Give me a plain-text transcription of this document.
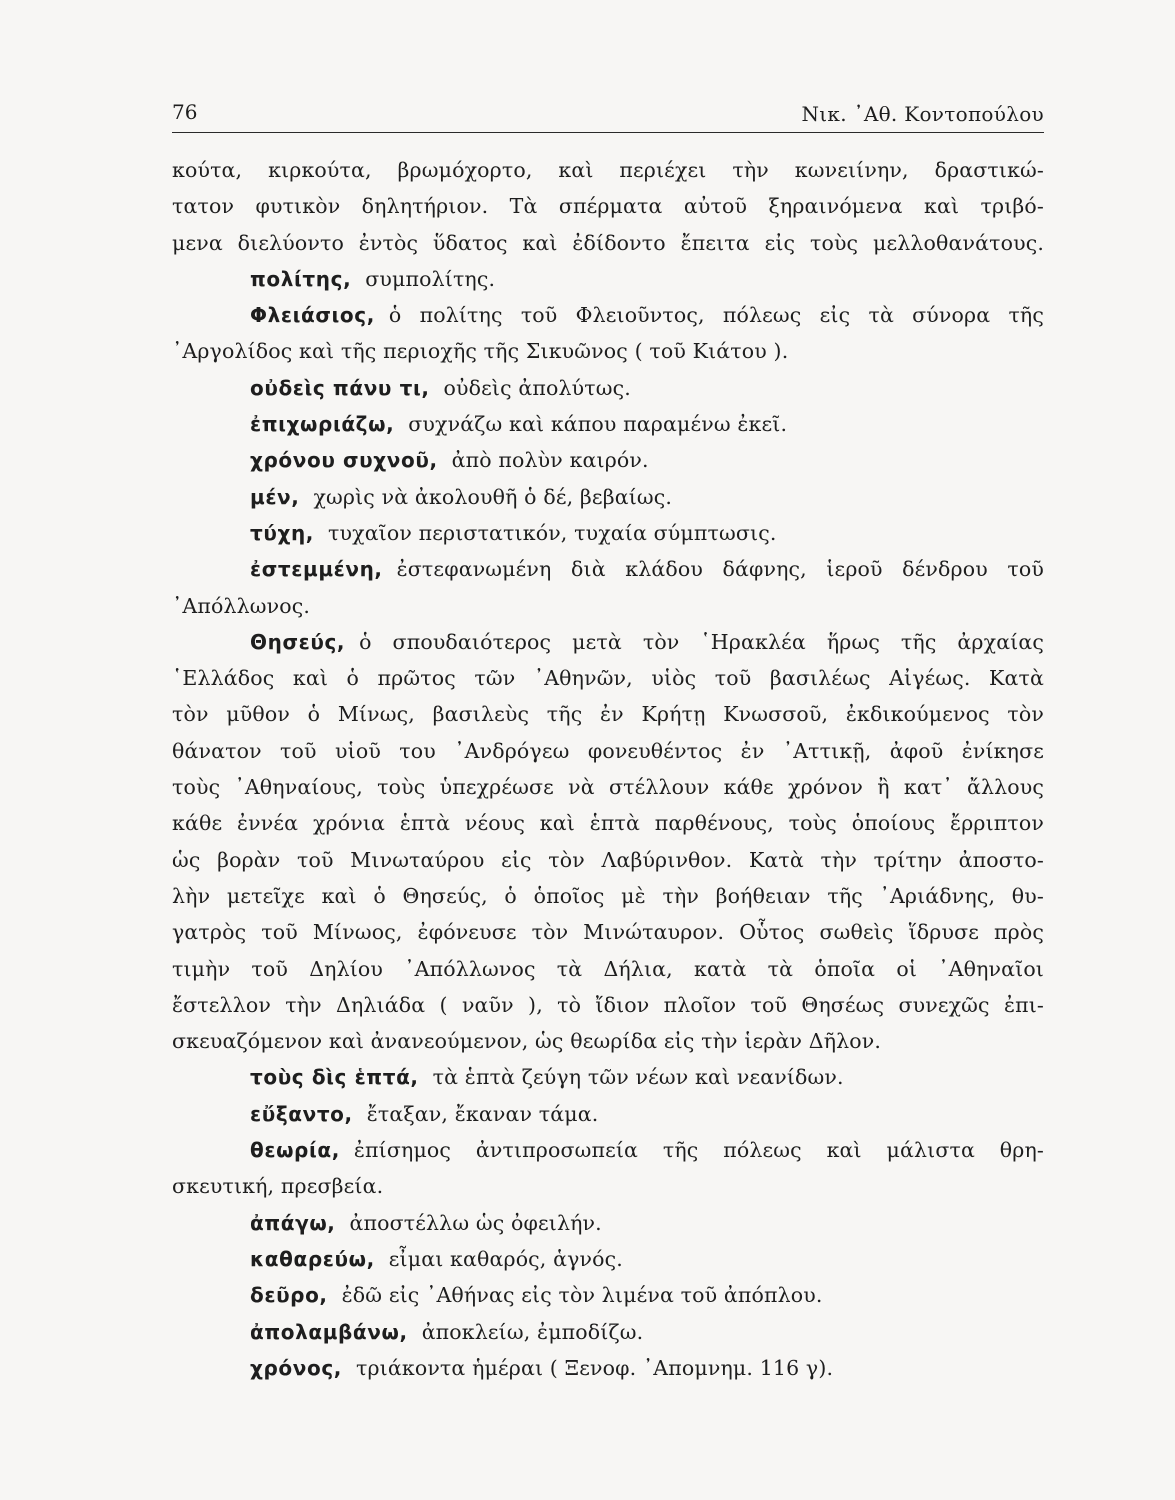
76	Νικ. ᾿Αθ. Κοντοπούλου
κούτα, κιρκούτα, βρωμόχορτο, καὶ περιέχει τὴν κωνειίνην, δραστικώ-
τατον φυτικὸν δηλητήριον. Τὰ σπέρματα αὐτοῦ ξηραινόμενα καὶ τριβό-
μενα διελύοντο ἐντὸς ὕδατος καὶ ἐδίδοντο ἔπειτα εἰς τοὺς μελλοθανάτους.
πολίτης, συμπολίτης.
Φλειάσιος, ὁ πολίτης τοῦ Φλειοῦντος, πόλεως εἰς τὰ σύνορα τῆς
᾿Αργολίδος καὶ τῆς περιοχῆς τῆς Σικυῶνος ( τοῦ Κιάτου ).
οὐδεὶς πάνυ τι, οὐδεὶς ἀπολύτως.
ἐπιχωριάζω, συχνάζω καὶ κάπου παραμένω ἐκεῖ.
χρόνου συχνοῦ, ἀπὸ πολὺν καιρόν.
μέν, χωρὶς νὰ ἀκολουθῆ ὁ δέ, βεβαίως.
τύχη, τυχαῖον περιστατικόν, τυχαία σύμπτωσις.
ἐστεμμένη, ἐστεφανωμένη διὰ κλάδου δάφνης, ἱεροῦ δένδρου τοῦ
᾿Απόλλωνος.
Θησεύς, ὁ σπουδαιότερος μετὰ τὸν ῾Ηρακλέα ἥρως τῆς ἀρχαίας
῾Ελλάδος καὶ ὁ πρῶτος τῶν ᾿Αθηνῶν, υἱὸς τοῦ βασιλέως Αἰγέως. Κατὰ
τὸν μῦθον ὁ Μίνως, βασιλεὺς τῆς ἐν Κρήτῃ Κνωσσοῦ, ἐκδικούμενος τὸν
θάνατον τοῦ υἱοῦ του ᾿Ανδρόγεω φονευθέντος ἐν ᾿Αττικῇ, ἀφοῦ ἐνίκησε
τοὺς ᾿Αθηναίους, τοὺς ὑπεχρέωσε νὰ στέλλουν κάθε χρόνον ἢ κατ᾿ ἄλλους
κάθε ἐννέα χρόνια ἑπτὰ νέους καὶ ἑπτὰ παρθένους, τοὺς ὁποίους ἔρριπτον
ὡς βορὰν τοῦ Μινωταύρου εἰς τὸν Λαβύρινθον. Κατὰ τὴν τρίτην ἀποστο-
λὴν μετεῖχε καὶ ὁ Θησεύς, ὁ ὁποῖος μὲ τὴν βοήθειαν τῆς ᾿Αριάδνης, θυ-
γατρὸς τοῦ Μίνωος, ἐφόνευσε τὸν Μινώταυρον. Οὗτος σωθεὶς ἵδρυσε πρὸς
τιμὴν τοῦ Δηλίου ᾿Απόλλωνος τὰ Δήλια, κατὰ τὰ ὁποῖα οἱ ᾿Αθηναῖοι
ἔστελλον τὴν Δηλιάδα ( ναῦν ), τὸ ἴδιον πλοῖον τοῦ Θησέως συνεχῶς ἐπι-
σκευαζόμενον καὶ ἀνανεούμενον, ὡς θεωρίδα εἰς τὴν ἱερὰν Δῆλον.
τοὺς δὶς ἑπτά, τὰ ἑπτὰ ζεύγη τῶν νέων καὶ νεανίδων.
εὔξαντο, ἔταξαν, ἔκαναν τάμα.
θεωρία, ἐπίσημος ἀντιπροσωπεία τῆς πόλεως καὶ μάλιστα θρη-
σκευτική, πρεσβεία.
ἀπάγω, ἀποστέλλω ὡς ὀφειλήν.
καθαρεύω, εἶμαι καθαρός, ἁγνός.
δεῦρο, ἐδῶ εἰς ᾿Αθήνας εἰς τὸν λιμένα τοῦ ἀπόπλου.
ἀπολαμβάνω, ἀποκλείω, ἐμποδίζω.
χρόνος, τριάκοντα ἡμέραι ( Ξενοφ. ᾿Απομνημ. 116 γ).
